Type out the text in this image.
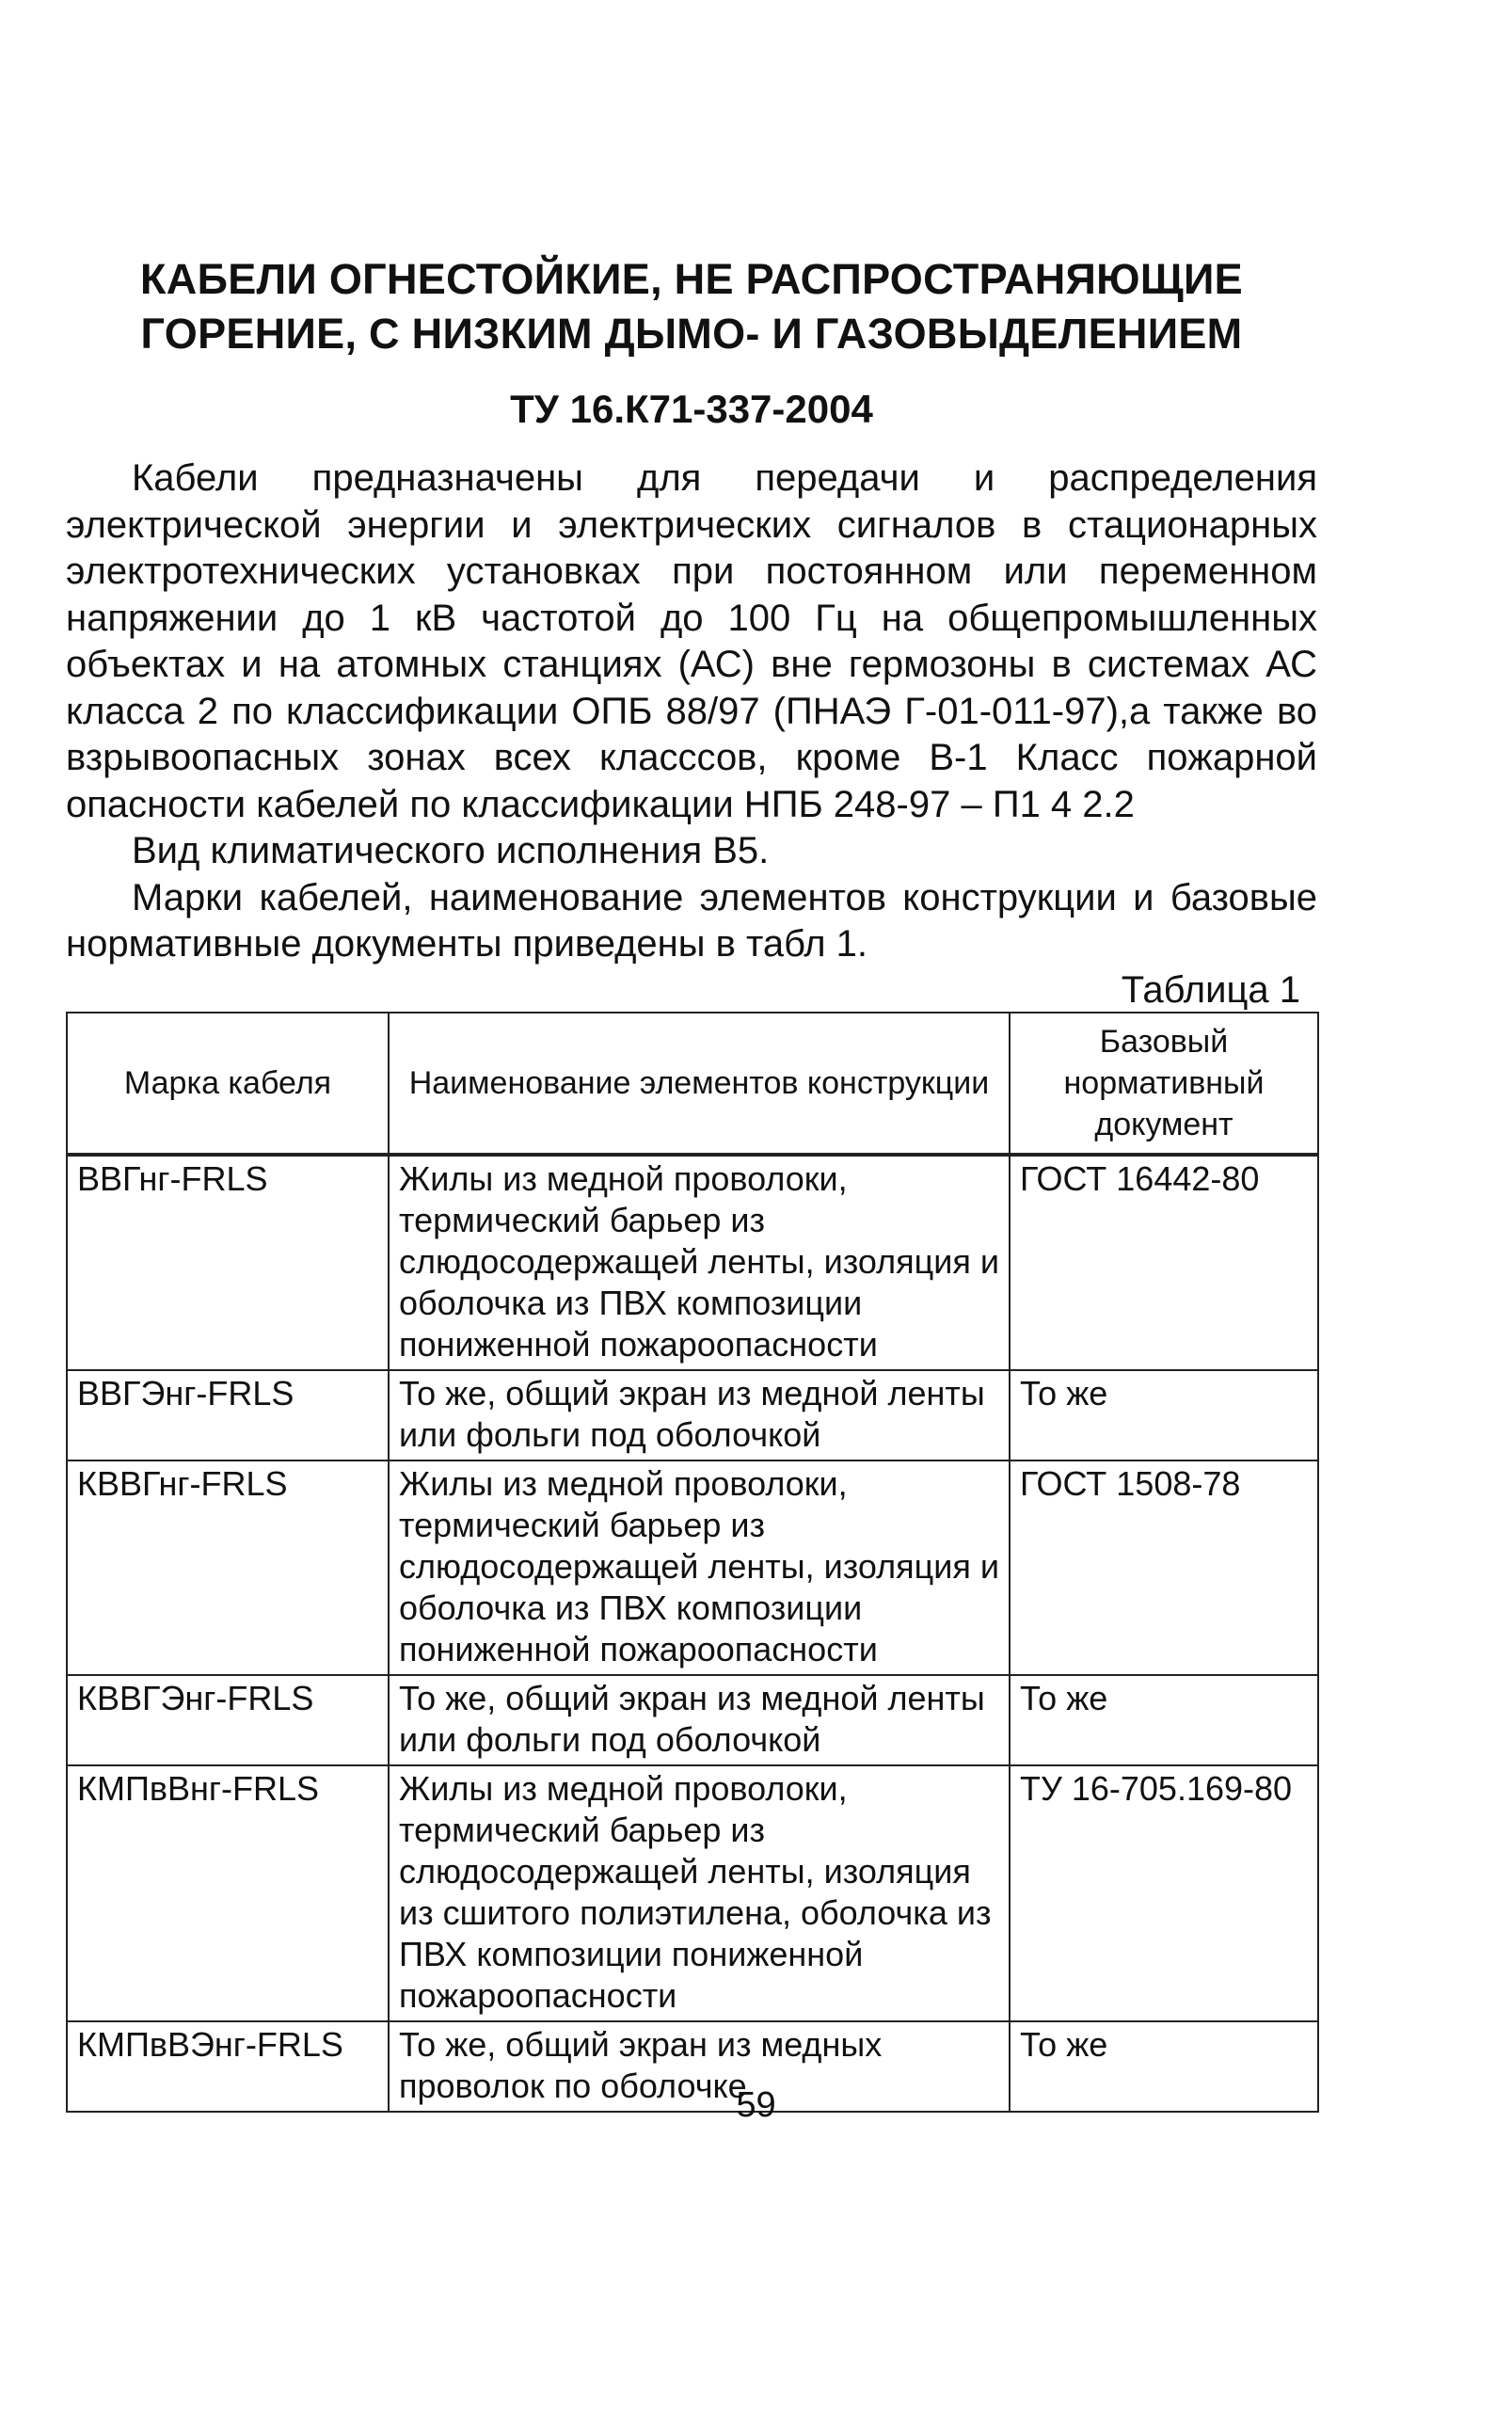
КАБЕЛИ ОГНЕСТОЙКИЕ, НЕ РАСПРОСТРАНЯЮЩИЕ
ГОРЕНИЕ, С НИЗКИМ ДЫМО- И ГАЗОВЫДЕЛЕНИЕМ
ТУ 16.К71-337-2004

Кабели предназначены для передачи и распределения электрической энергии и электрических сигналов в стационарных электротехнических установках при постоянном или переменном напряжении до 1 кВ частотой до 100 Гц на общепромышленных объектах и на атомных станциях (АС) вне гермозоны в системах АС класса 2 по классификации ОПБ 88/97 (ПНАЭ Г-01-011-97),а также во взрывоопасных зонах всех класссов, кроме В-1 Класс пожарной опасности кабелей по классификации НПБ 248-97 – П1 4 2.2

Вид климатического исполнения В5.

Марки кабелей, наименование элементов конструкции и базовые нормативные документы приведены в табл 1.

Таблица 1

Марка кабеля	Наименование элементов конструкции	Базовый нормативный документ
ВВГнг-FRLS	Жилы из медной проволоки, термический барьер из слюдосодержащей ленты, изоляция и оболочка из ПВХ композиции пониженной пожароопасности	ГОСТ 16442-80
ВВГЭнг-FRLS	То же, общий экран из медной ленты или фольги под оболочкой	То же
КВВГнг-FRLS	Жилы из медной проволоки, термический барьер из слюдосодержащей ленты, изоляция и оболочка из ПВХ композиции пониженной пожароопасности	ГОСТ 1508-78
КВВГЭнг-FRLS	То же, общий экран из медной ленты или фольги под оболочкой	То же
КМПвВнг-FRLS	Жилы из медной проволоки, термический барьер из слюдосодержащей ленты, изоляция из сшитого полиэтилена, оболочка из ПВХ композиции пониженной пожароопасности	ТУ 16-705.169-80
КМПвВЭнг-FRLS	То же, общий экран из медных проволок по оболочке	То же
59
